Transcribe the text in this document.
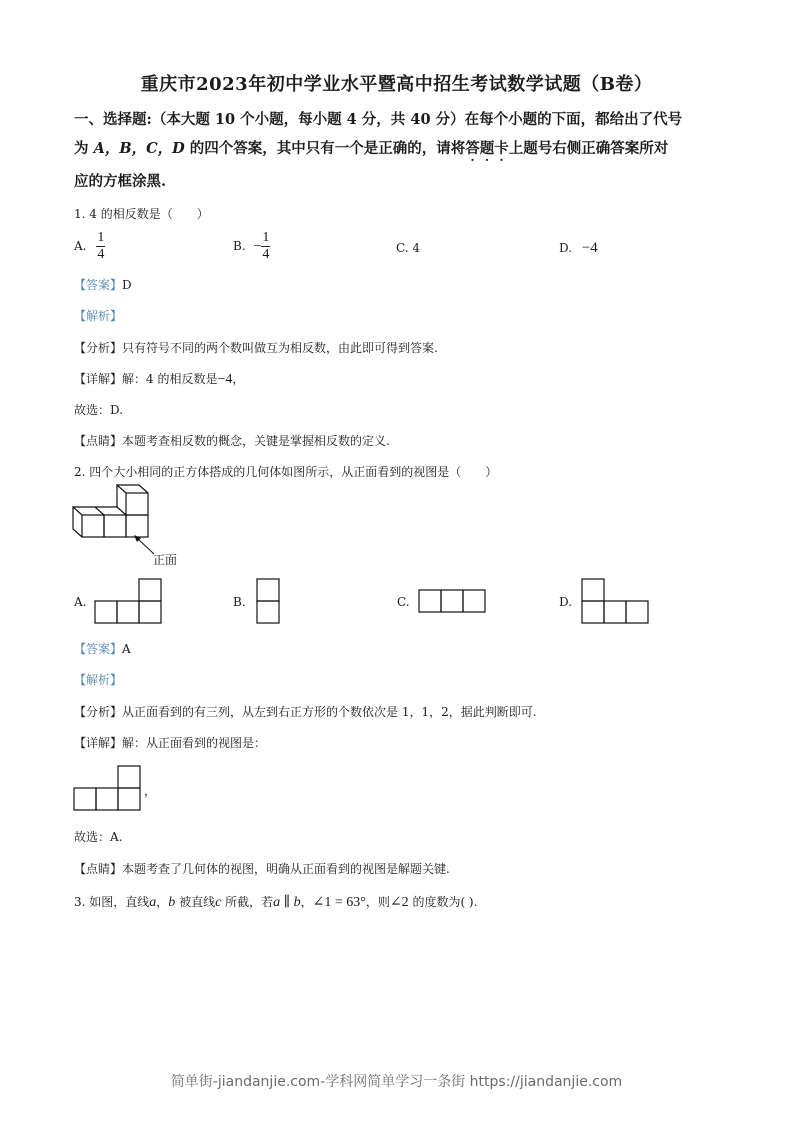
重庆市2023年初中学业水平暨高中招生考试数学试题（B卷）
一、选择题:（本大题 10 个小题，每小题 4 分，共 40 分）在每个小题的下面，都给出了代号
为 A，B，C，D 的四个答案，其中只有一个是正确的，请将答题卡上题号右侧正确答案所对
应的方框涂黑.
1. 4 的相反数是（　　）
A. $\frac{1}{4}$	B. − $\frac{1}{4}$	C. 4	D. −4
【答案】D
【解析】
【分析】只有符号不同的两个数叫做互为相反数，由此即可得到答案.
【详解】解：4 的相反数是−4，
故选：D.
【点睛】本题考查相反数的概念，关键是掌握相反数的定义.
2. 四个大小相同的正方体搭成的几何体如图所示，从正面看到的视图是（　　）
正面
A.	B.	C.	D.
【答案】A
【解析】
【分析】从正面看到的有三列，从左到右正方形的个数依次是 1，1，2，据此判断即可.
【详解】解：从正面看到的视图是：
，
故选：A.
【点睛】本题考查了几何体的视图，明确从正面看到的视图是解题关键.
3. 如图，直线a，b 被直线c 所截，若a ∥ b，∠1 = 63°，则∠2 的度数为( ).
简单街-jiandanjie.com-学科网简单学习一条街 https://jiandanjie.com
